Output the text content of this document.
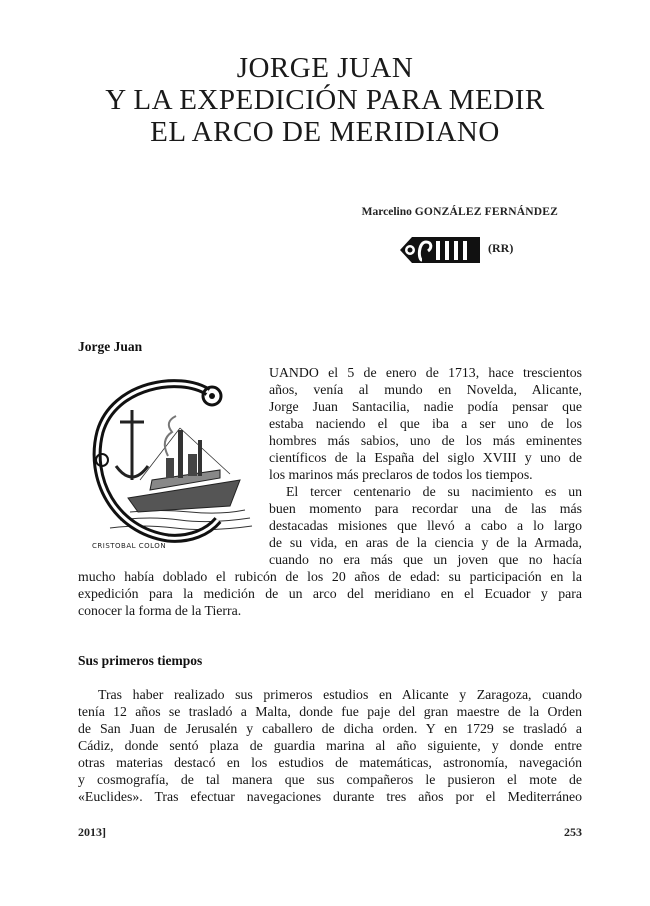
JORGE JUAN
Y LA EXPEDICIÓN PARA MEDIR
EL ARCO DE MERIDIANO
Marcelino GONZÁLEZ FERNÁNDEZ
(RR)
Jorge Juan
CRISTOBAL COLON
UANDO el 5 de enero de 1713, hace trescientos
años, venía al mundo en Novelda, Alicante,
Jorge Juan Santacilia, nadie podía pensar que
estaba naciendo el que iba a ser uno de los
hombres más sabios, uno de los más eminentes
científicos de la España del siglo XVIII y uno de
los marinos más preclaros de todos los tiempos.
El tercer centenario de su nacimiento es un
buen momento para recordar una de las más
destacadas misiones que llevó a cabo a lo largo
de su vida, en aras de la ciencia y de la Armada,
cuando no era más que un joven que no hacía
mucho había doblado el rubicón de los 20 años de edad: su participación en la
expedición para la medición de un arco del meridiano en el Ecuador y para
conocer la forma de la Tierra.
Sus primeros tiempos
Tras haber realizado sus primeros estudios en Alicante y Zaragoza, cuando
tenía 12 años se trasladó a Malta, donde fue paje del gran maestre de la Orden
de San Juan de Jerusalén y caballero de dicha orden. Y en 1729 se trasladó a
Cádiz, donde sentó plaza de guardia marina al año siguiente, y donde entre
otras materias destacó en los estudios de matemáticas, astronomía, navegación
y cosmografía, de tal manera que sus compañeros le pusieron el mote de
«Euclides». Tras efectuar navegaciones durante tres años por el Mediterráneo
2013]	253
